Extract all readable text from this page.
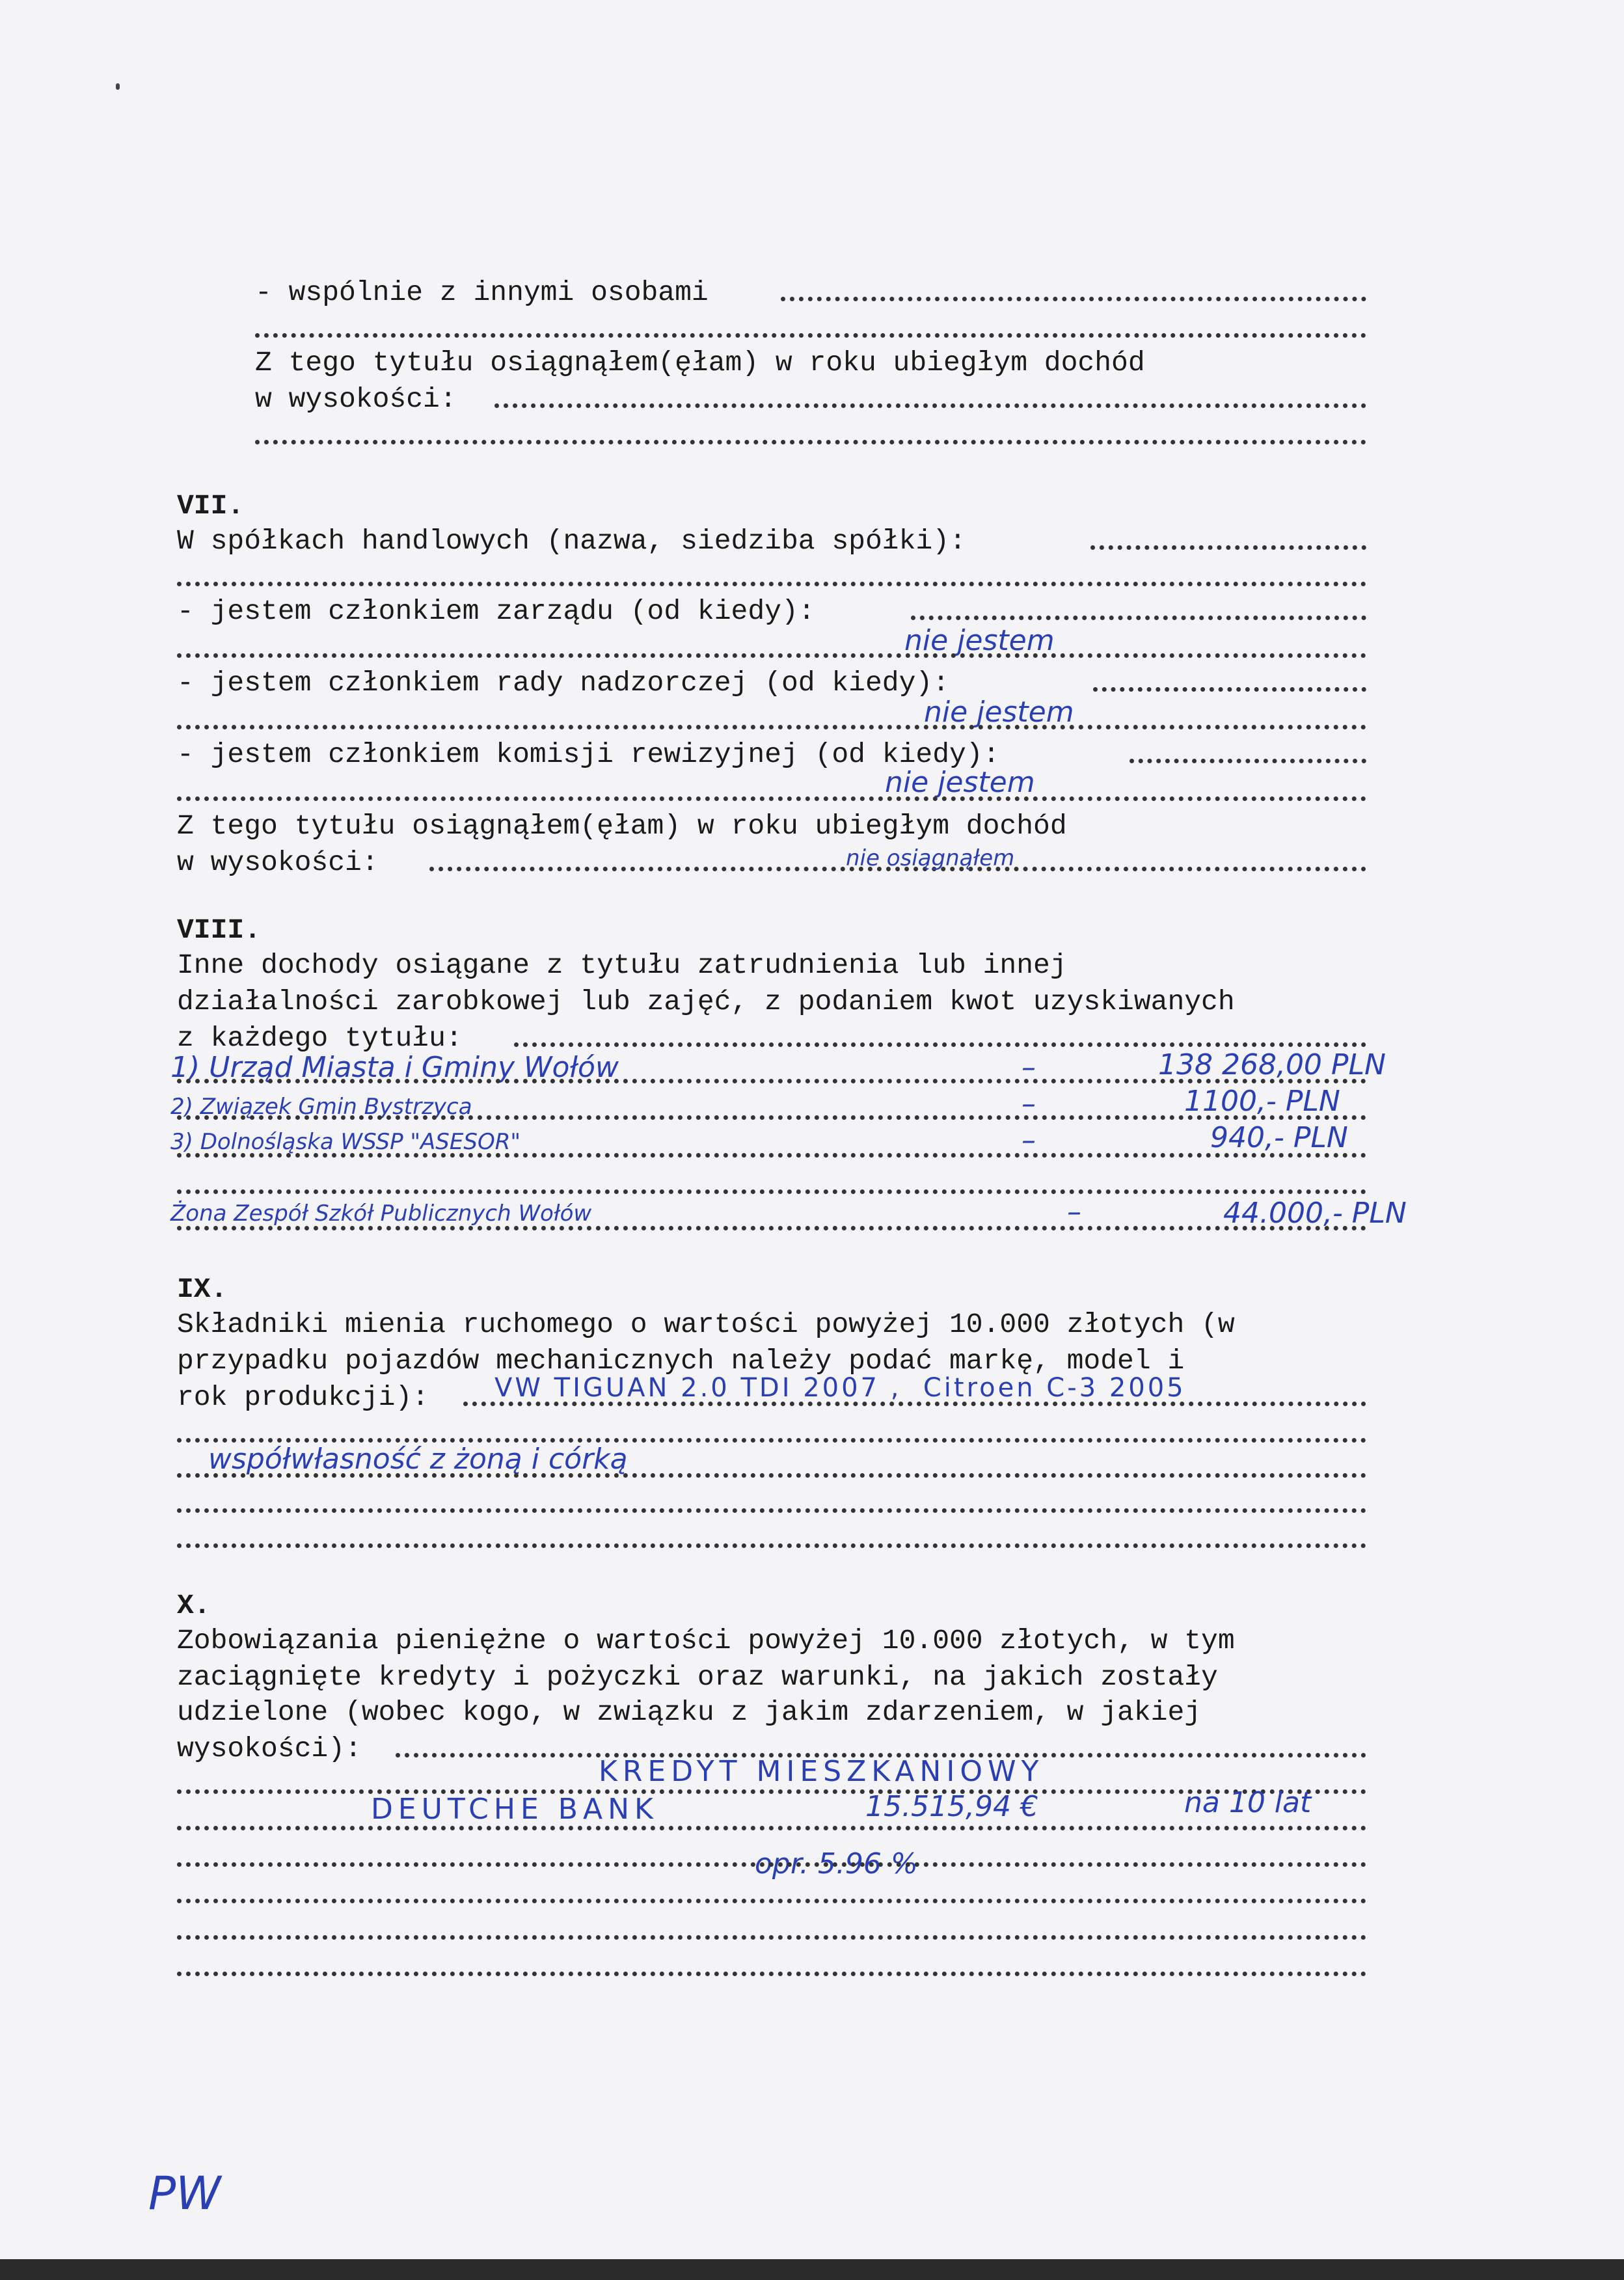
- wspólnie z innymi osobami
Z tego tytułu osiągnąłem(ęłam) w roku ubiegłym dochód
w wysokości:
VII.
W spółkach handlowych (nazwa, siedziba spółki):
- jestem członkiem zarządu (od kiedy):
nie jestem
- jestem członkiem rady nadzorczej (od kiedy):
nie jestem
- jestem członkiem komisji rewizyjnej (od kiedy):
nie jestem
Z tego tytułu osiągnąłem(ęłam) w roku ubiegłym dochód
w wysokości:	nie osiągnąłem
VIII.
Inne dochody osiągane z tytułu zatrudnienia lub innej
działalności zarobkowej lub zajęć, z podaniem kwot uzyskiwanych
z każdego tytułu:
1) Urząd Miasta i Gminy Wołów	–	138 268,00 PLN
2) Związek Gmin Bystrzyca	–	1100,- PLN
3) Dolnośląska WSSP "ASESOR"	–	940,- PLN
Żona Zespół Szkół Publicznych Wołów	–	44.000,- PLN
IX.
Składniki mienia ruchomego o wartości powyżej 10.000 złotych (w
przypadku pojazdów mechanicznych należy podać markę, model i
rok produkcji):	VW TIGUAN 2.0 TDI 2007 ,  Citroen C-3 2005
współwłasność z żoną i córką
X.
Zobowiązania pieniężne o wartości powyżej 10.000 złotych, w tym
zaciągnięte kredyty i pożyczki oraz warunki, na jakich zostały
udzielone (wobec kogo, w związku z jakim zdarzeniem, w jakiej
wysokości):
KREDYT MIESZKANIOWY
DEUTCHE BANK	15.515,94 €	na 10 lat
opr. 5.96 %
PW
